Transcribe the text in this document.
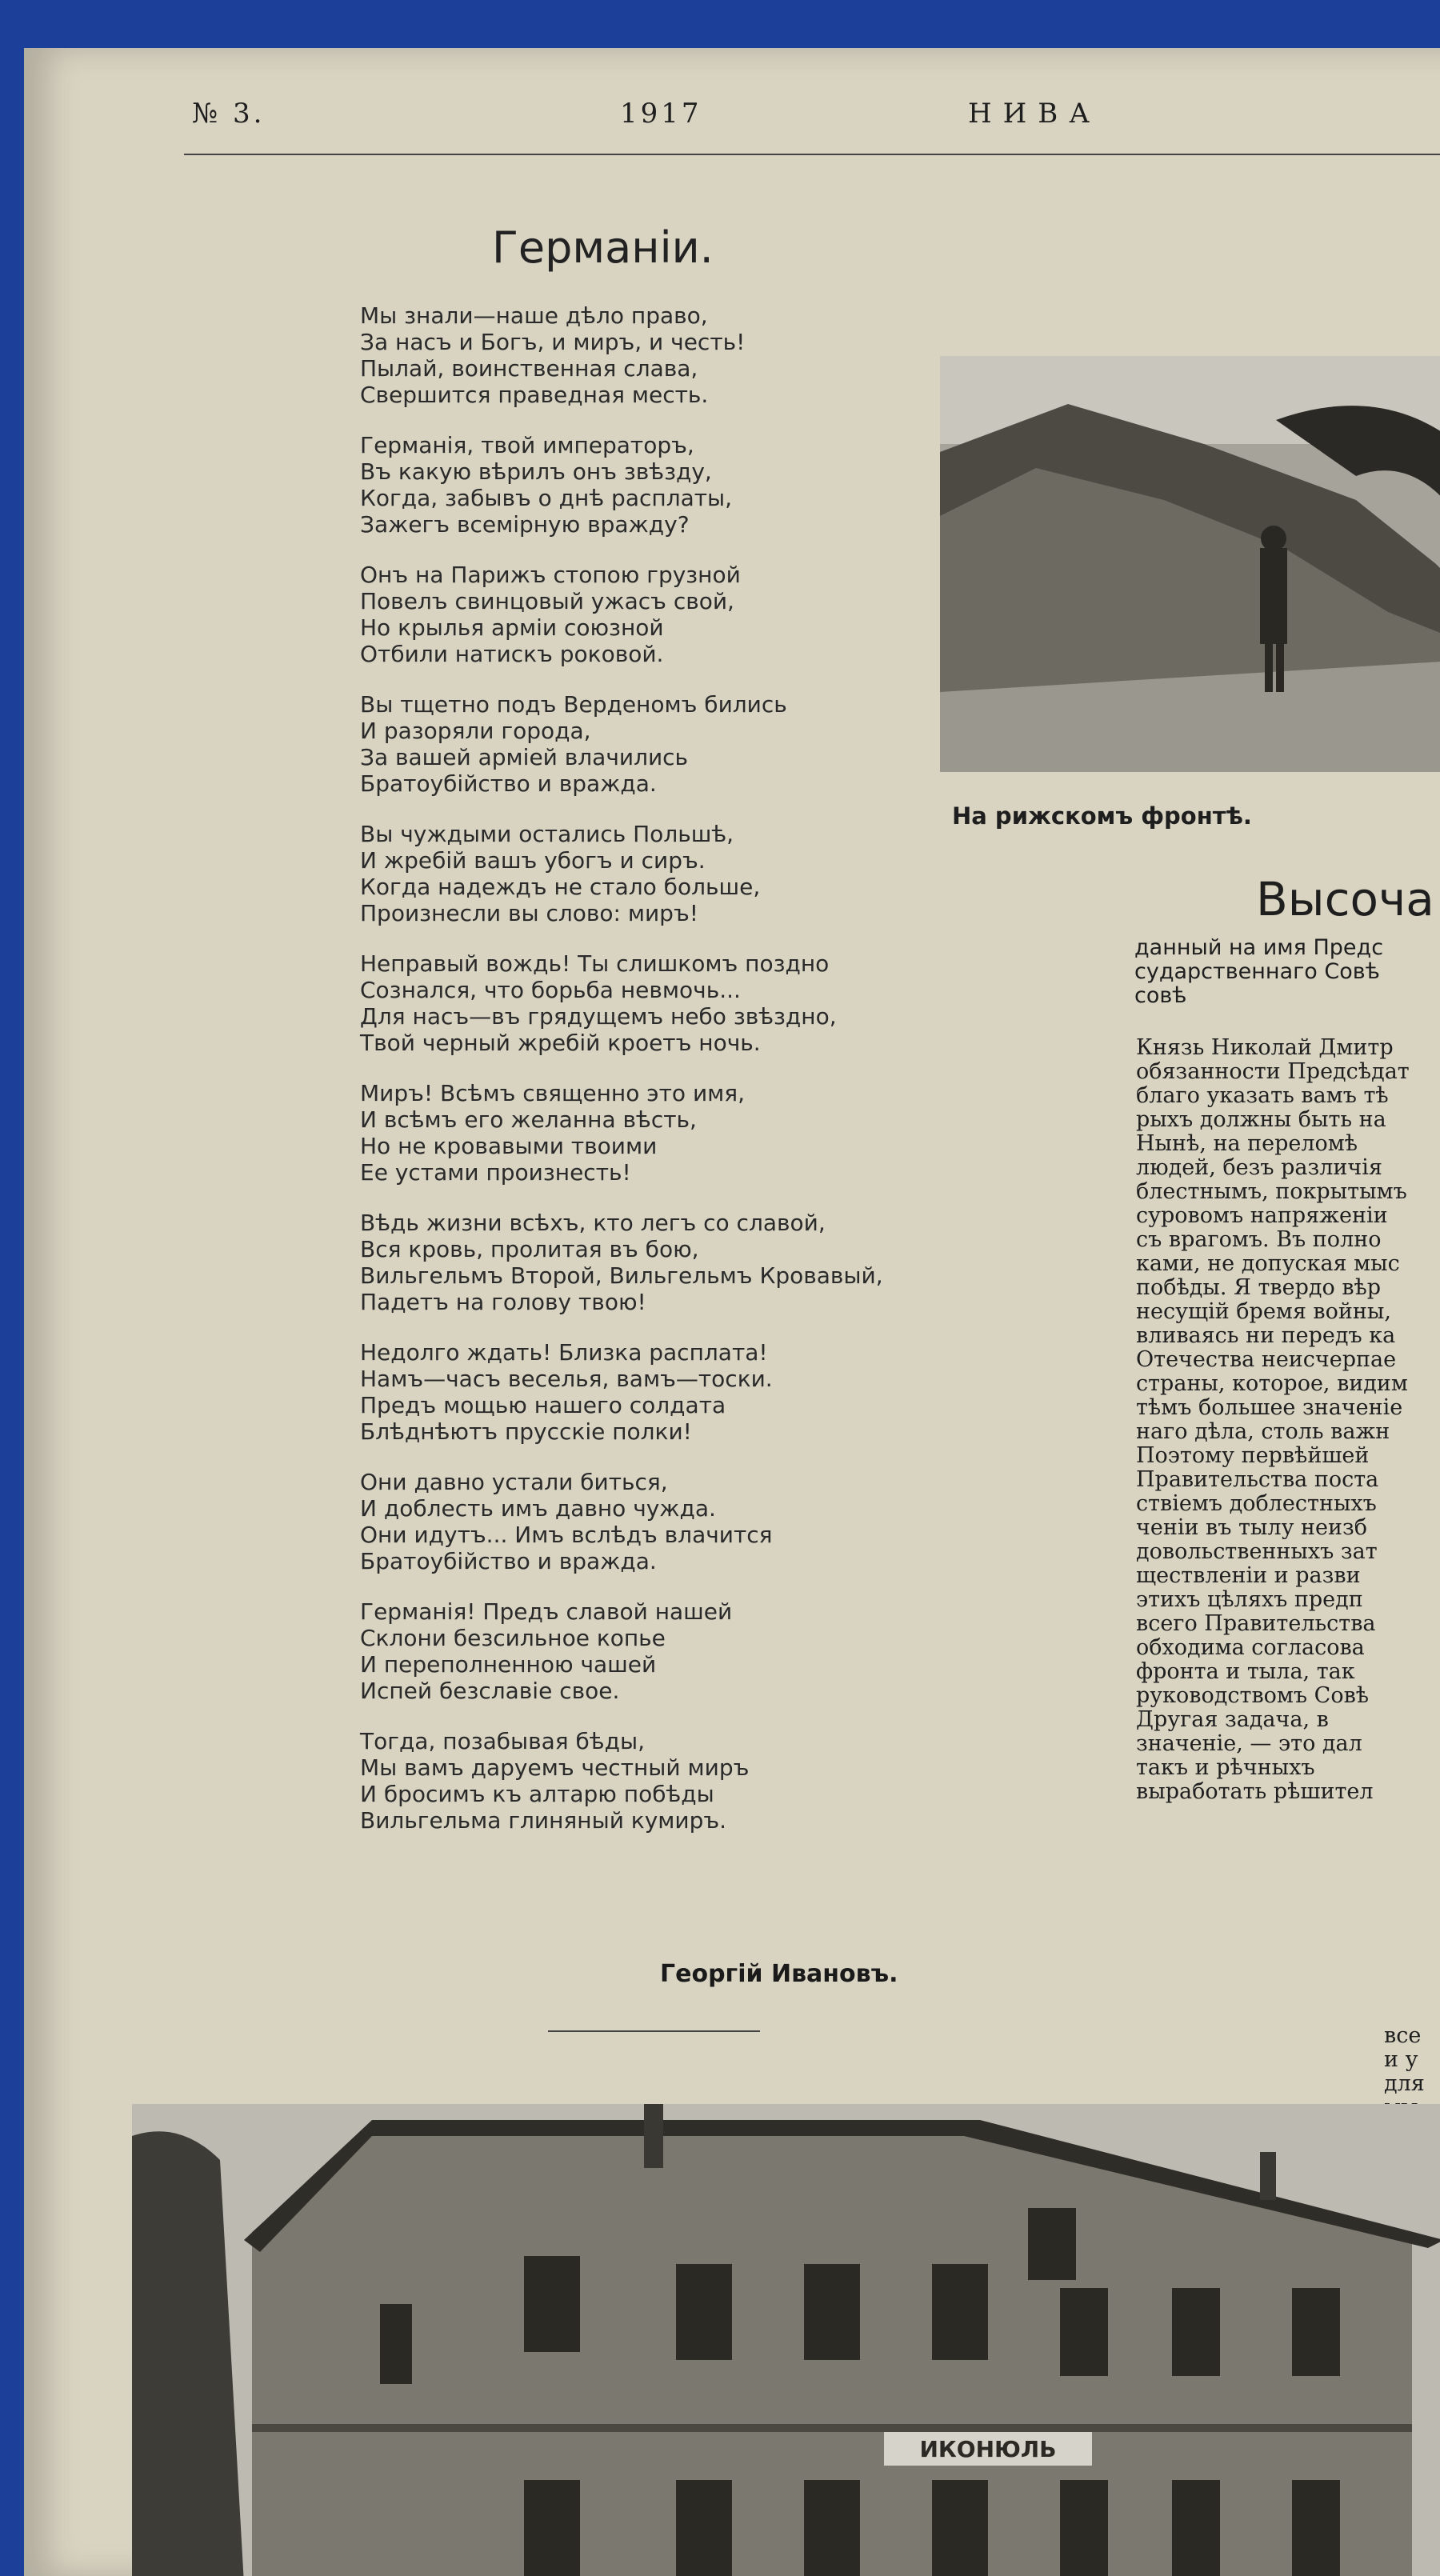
№ 3.	1917	НИВА
Германiи.
Мы знали—наше дѣло право,
За насъ и Богъ, и миръ, и честь!
Пылай, воинственная слава,
Свершится праведная месть.
Германiя, твой императоръ,
Въ какую вѣрилъ онъ звѣзду,
Когда, забывъ о днѣ расплаты,
Зажегъ всемiрную вражду?
Онъ на Парижъ стопою грузной
Повелъ свинцовый ужасъ свой,
Но крылья армiи союзной
Отбили натискъ роковой.
Вы тщетно подъ Верденомъ бились
И разоряли города,
За вашей армiей влачились
Братоубiйство и вражда.
Вы чуждыми остались Польшѣ,
И жребiй вашъ убогъ и сиръ.
Когда надеждъ не стало больше,
Произнесли вы слово: миръ!
Неправый вождь! Ты слишкомъ поздно
Сознался, что борьба невмочь...
Для насъ—въ грядущемъ небо звѣздно,
Твой черный жребiй кроетъ ночь.
Миръ! Всѣмъ священно это имя,
И всѣмъ его желанна вѣсть,
Но не кровавыми твоими
Ее устами произнесть!
Вѣдь жизни всѣхъ, кто легъ со славой,
Вся кровь, пролитая въ бою,
Вильгельмъ Второй, Вильгельмъ Кровавый,
Падетъ на голову твою!
Недолго ждать! Близка расплата!
Намъ—часъ веселья, вамъ—тоски.
Предъ мощью нашего солдата
Блѣднѣютъ прусскiе полки!
Они давно устали биться,
И доблесть имъ давно чужда.
Они идутъ... Имъ вслѣдъ влачится
Братоубiйство и вражда.
Германiя! Предъ славой нашей
Склони безсильное копье
И переполненною чашей
Испей безславiе свое.
Тогда, позабывая бѣды,
Мы вамъ даруемъ честный миръ
И бросимъ къ алтарю побѣды
Вильгельма глиняный кумиръ.
Георгiй Ивановъ.
На рижскомъ фронтѣ.
Высоча
данный на имя Предс
сударственнаго Совѣ
совѣ
Князь Николай Дмитр
обязанности Предсѣдат
благо указать вамъ тѣ
рыхъ должны быть на
Нынѣ, на переломѣ
людей, безъ различiя
блестнымъ, покрытымъ
суровомъ напряженiи
съ врагомъ. Въ полно
ками, не допуская мыс
побѣды. Я твердо вѣр
несущiй бремя войны,
вливаясь ни передъ ка
Отечества неисчерпае
страны, которое, видим
тѣмъ большее значенiе
наго дѣла, столь важн
Поэтому первѣйшей
Правительства поста
ствiемъ доблестныхъ
ченiи въ тылу неизб
довольственныхъ зат
ществленiи и разви
этихъ цѣляхъ предп
всего Правительства
обходима согласова
фронта и тыла, так
руководствомъ Совѣ
Другая задача, в
значенiе, — это дал
такъ и рѣчныхъ
выработать рѣшител
всe
и у
для
ИКОНЮЛЬ
